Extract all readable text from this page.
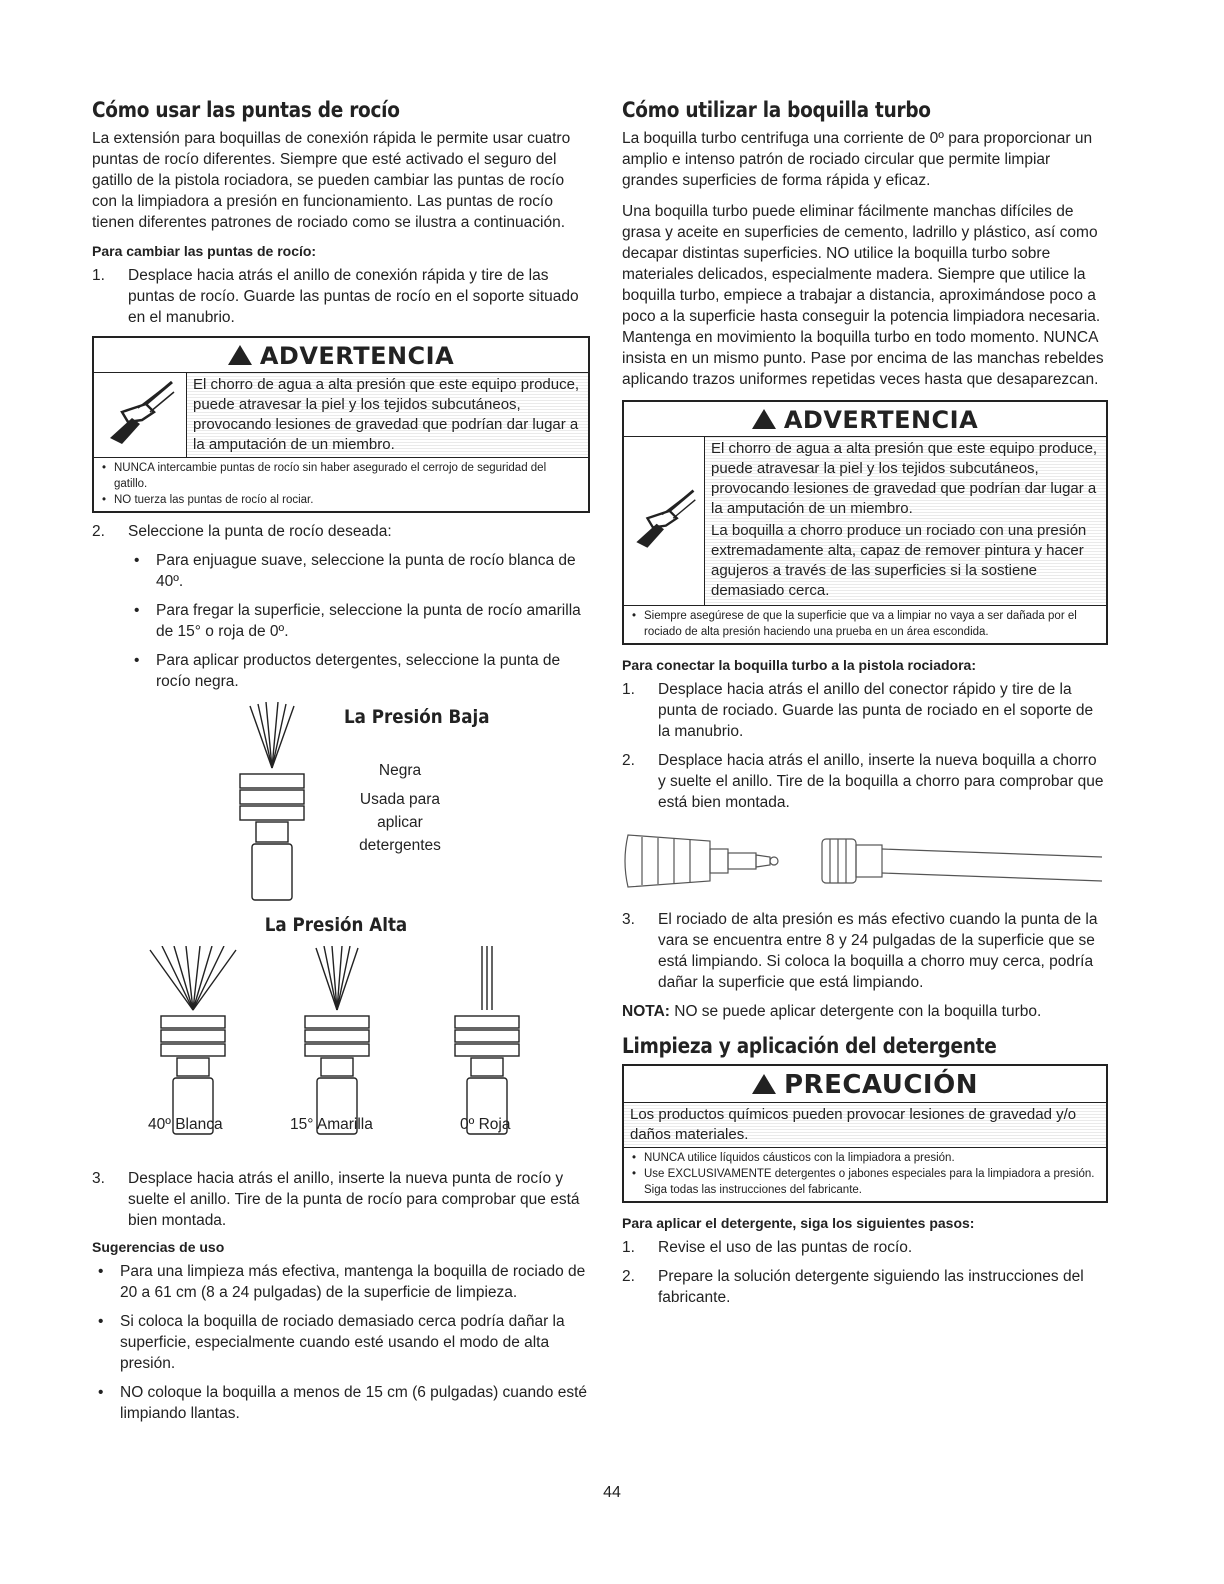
Cómo usar las puntas de rocío

La extensión para boquillas de conexión rápida le permite usar cuatro puntas de rocío diferentes. Siempre que esté activado el seguro del gatillo de la pistola rociadora, se pueden cambiar las puntas de rocío con la limpiadora a presión en funcionamiento. Las puntas de rocío tienen diferentes patrones de rociado como se ilustra a continuación.

Para cambiar las puntas de rocío:
1. Desplace hacia atrás el anillo de conexión rápida y tire de las puntas de rocío. Guarde las puntas de rocío en el soporte situado en el manubrio.
ADVERTENCIA
El chorro de agua a alta presión que este equipo produce, puede atravesar la piel y los tejidos subcutáneos, provocando lesiones de gravedad que podrían dar lugar a la amputación de un miembro.
• NUNCA intercambie puntas de rocío sin haber asegurado el cerrojo de seguridad del gatillo.
• NO tuerza las puntas de rocío al rociar.
2. Seleccione la punta de rocío deseada:
• Para enjuague suave, seleccione la punta de rocío blanca de 40º.
• Para fregar la superficie, seleccione la punta de rocío amarilla de 15° o roja de 0º.
• Para aplicar productos detergentes, seleccione la punta de rocío negra.
La Presión Baja
Negra
Usada para aplicar
detergentes
La Presión Alta
40º Blanca	15° Amarilla	0º Roja
3. Desplace hacia atrás el anillo, inserte la nueva punta de rocío y suelte el anillo. Tire de la punta de rocío para comprobar que está bien montada.
Sugerencias de uso
• Para una limpieza más efectiva, mantenga la boquilla de rociado de 20 a 61 cm (8 a 24 pulgadas) de la superficie de limpieza.
• Si coloca la boquilla de rociado demasiado cerca podría dañar la superficie, especialmente cuando esté usando el modo de alta presión.
• NO coloque la boquilla a menos de 15 cm (6 pulgadas) cuando esté limpiando llantas.
Cómo utilizar la boquilla turbo

La boquilla turbo centrifuga una corriente de 0º para proporcionar un amplio e intenso patrón de rociado circular que permite limpiar grandes superficies de forma rápida y eficaz.

Una boquilla turbo puede eliminar fácilmente manchas difíciles de grasa y aceite en superficies de cemento, ladrillo y plástico, así como decapar distintas superficies. NO utilice la boquilla turbo sobre materiales delicados, especialmente madera. Siempre que utilice la boquilla turbo, empiece a trabajar a distancia, aproximándose poco a poco a la superficie hasta conseguir la potencia limpiadora necesaria. Mantenga en movimiento la boquilla turbo en todo momento. NUNCA insista en un mismo punto. Pase por encima de las manchas rebeldes aplicando trazos uniformes repetidas veces hasta que desaparezcan.

ADVERTENCIA
El chorro de agua a alta presión que este equipo produce, puede atravesar la piel y los tejidos subcutáneos, provocando lesiones de gravedad que podrían dar lugar a la amputación de un miembro.
La boquilla a chorro produce un rociado con una presión extremadamente alta, capaz de remover pintura y hacer agujeros a través de las superficies si la sostiene demasiado cerca.
• Siempre asegúrese de que la superficie que va a limpiar no vaya a ser dañada por el rociado de alta presión haciendo una prueba en un área escondida.
Para conectar la boquilla turbo a la pistola rociadora:
1. Desplace hacia atrás el anillo del conector rápido y tire de la punta de rociado. Guarde las punta de rociado en el soporte de la manubrio.
2. Desplace hacia atrás el anillo, inserte la nueva boquilla a chorro y suelte el anillo. Tire de la boquilla a chorro para comprobar que está bien montada.
3. El rociado de alta presión es más efectivo cuando la punta de la vara se encuentra entre 8 y 24 pulgadas de la superficie que se está limpiando. Si coloca la boquilla a chorro muy cerca, podría dañar la superficie que está limpiando.

NOTA: NO se puede aplicar detergente con la boquilla turbo.

Limpieza y aplicación del detergente
PRECAUCIÓN
Los productos químicos pueden provocar lesiones de gravedad y/o daños materiales.
• NUNCA utilice líquidos cáusticos con la limpiadora a presión.
• Use EXCLUSIVAMENTE detergentes o jabones especiales para la limpiadora a presión. Siga todas las instrucciones del fabricante.
Para aplicar el detergente, siga los siguientes pasos:
1. Revise el uso de las puntas de rocío.
2. Prepare la solución detergente siguiendo las instrucciones del fabricante.
44
